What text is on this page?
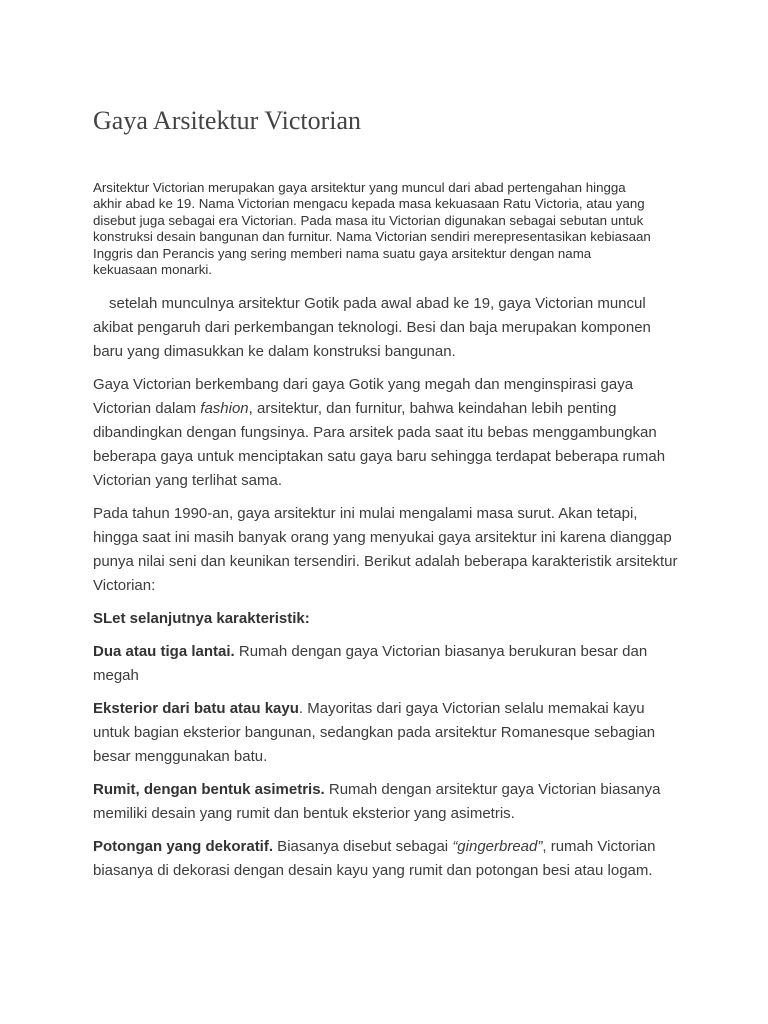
Gaya Arsitektur Victorian

Arsitektur Victorian merupakan gaya arsitektur yang muncul dari abad pertengahan hingga akhir abad ke 19. Nama Victorian mengacu kepada masa kekuasaan Ratu Victoria, atau yang disebut juga sebagai era Victorian. Pada masa itu Victorian digunakan sebagai sebutan untuk konstruksi desain bangunan dan furnitur. Nama Victorian sendiri merepresentasikan kebiasaan Inggris dan Perancis yang sering memberi nama suatu gaya arsitektur dengan nama kekuasaan monarki.

setelah munculnya arsitektur Gotik pada awal abad ke 19, gaya Victorian muncul akibat pengaruh dari perkembangan teknologi. Besi dan baja merupakan komponen baru yang dimasukkan ke dalam konstruksi bangunan.

Gaya Victorian berkembang dari gaya Gotik yang megah dan menginspirasi gaya Victorian dalam fashion, arsitektur, dan furnitur, bahwa keindahan lebih penting dibandingkan dengan fungsinya. Para arsitek pada saat itu bebas menggambungkan beberapa gaya untuk menciptakan satu gaya baru sehingga terdapat beberapa rumah Victorian yang terlihat sama.

Pada tahun 1990-an, gaya arsitektur ini mulai mengalami masa surut. Akan tetapi, hingga saat ini masih banyak orang yang menyukai gaya arsitektur ini karena dianggap punya nilai seni dan keunikan tersendiri. Berikut adalah beberapa karakteristik arsitektur Victorian:

SLet selanjutnya karakteristik:

Dua atau tiga lantai. Rumah dengan gaya Victorian biasanya berukuran besar dan megah

Eksterior dari batu atau kayu. Mayoritas dari gaya Victorian selalu memakai kayu untuk bagian eksterior bangunan, sedangkan pada arsitektur Romanesque sebagian besar menggunakan batu.

Rumit, dengan bentuk asimetris. Rumah dengan arsitektur gaya Victorian biasanya memiliki desain yang rumit dan bentuk eksterior yang asimetris.

Potongan yang dekoratif. Biasanya disebut sebagai “gingerbread”, rumah Victorian biasanya di dekorasi dengan desain kayu yang rumit dan potongan besi atau logam.
